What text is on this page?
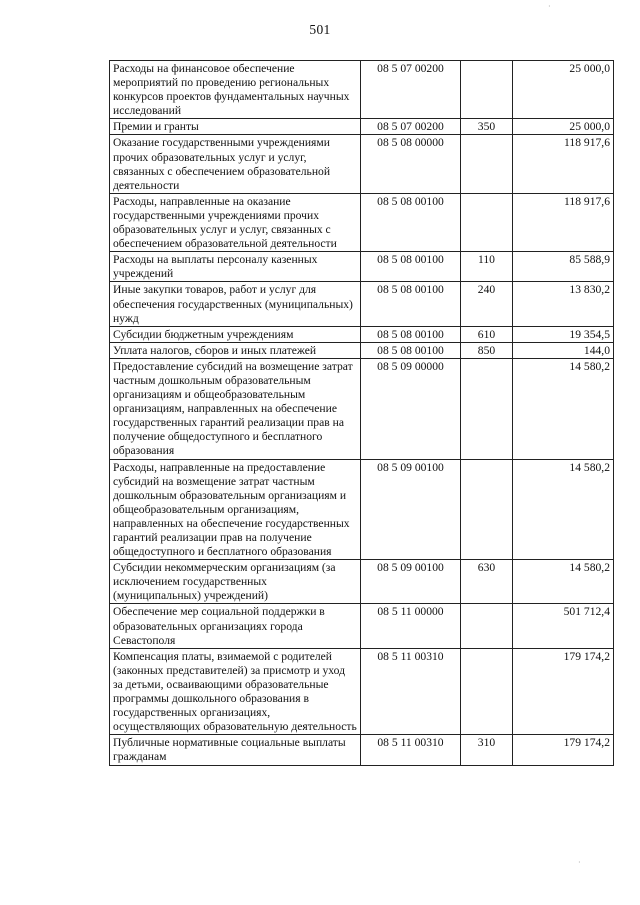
501
Расходы на финансовое обеспечение мероприятий по проведению региональных конкурсов проектов фундаментальных научных исследований	08 5 07 00200		25 000,0
Премии и гранты	08 5 07 00200	350	25 000,0
Оказание государственными учреждениями прочих образовательных услуг и услуг, связанных с обеспечением образовательной деятельности	08 5 08 00000		118 917,6
Расходы, направленные на оказание государственными учреждениями прочих образовательных услуг и услуг, связанных с обеспечением образовательной деятельности	08 5 08 00100		118 917,6
Расходы на выплаты персоналу казенных учреждений	08 5 08 00100	110	85 588,9
Иные закупки товаров, работ и услуг для обеспечения государственных (муниципальных) нужд	08 5 08 00100	240	13 830,2
Субсидии бюджетным учреждениям	08 5 08 00100	610	19 354,5
Уплата налогов, сборов и иных платежей	08 5 08 00100	850	144,0
Предоставление субсидий на возмещение затрат частным дошкольным образовательным организациям и общеобразовательным организациям, направленных на обеспечение государственных гарантий реализации прав на получение общедоступного и бесплатного образования	08 5 09 00000		14 580,2
Расходы, направленные на предоставление субсидий на возмещение затрат частным дошкольным образовательным организациям и общеобразовательным организациям, направленных на обеспечение государственных гарантий реализации прав на получение общедоступного и бесплатного образования	08 5 09 00100		14 580,2
Субсидии некоммерческим организациям (за исключением государственных (муниципальных) учреждений)	08 5 09 00100	630	14 580,2
Обеспечение мер социальной поддержки в образовательных организациях города Севастополя	08 5 11 00000		501 712,4
Компенсация платы, взимаемой с родителей (законных представителей) за присмотр и уход за детьми, осваивающими образовательные программы дошкольного образования в государственных организациях, осуществляющих образовательную деятельность	08 5 11 00310		179 174,2
Публичные нормативные социальные выплаты гражданам	08 5 11 00310	310	179 174,2
·
·
